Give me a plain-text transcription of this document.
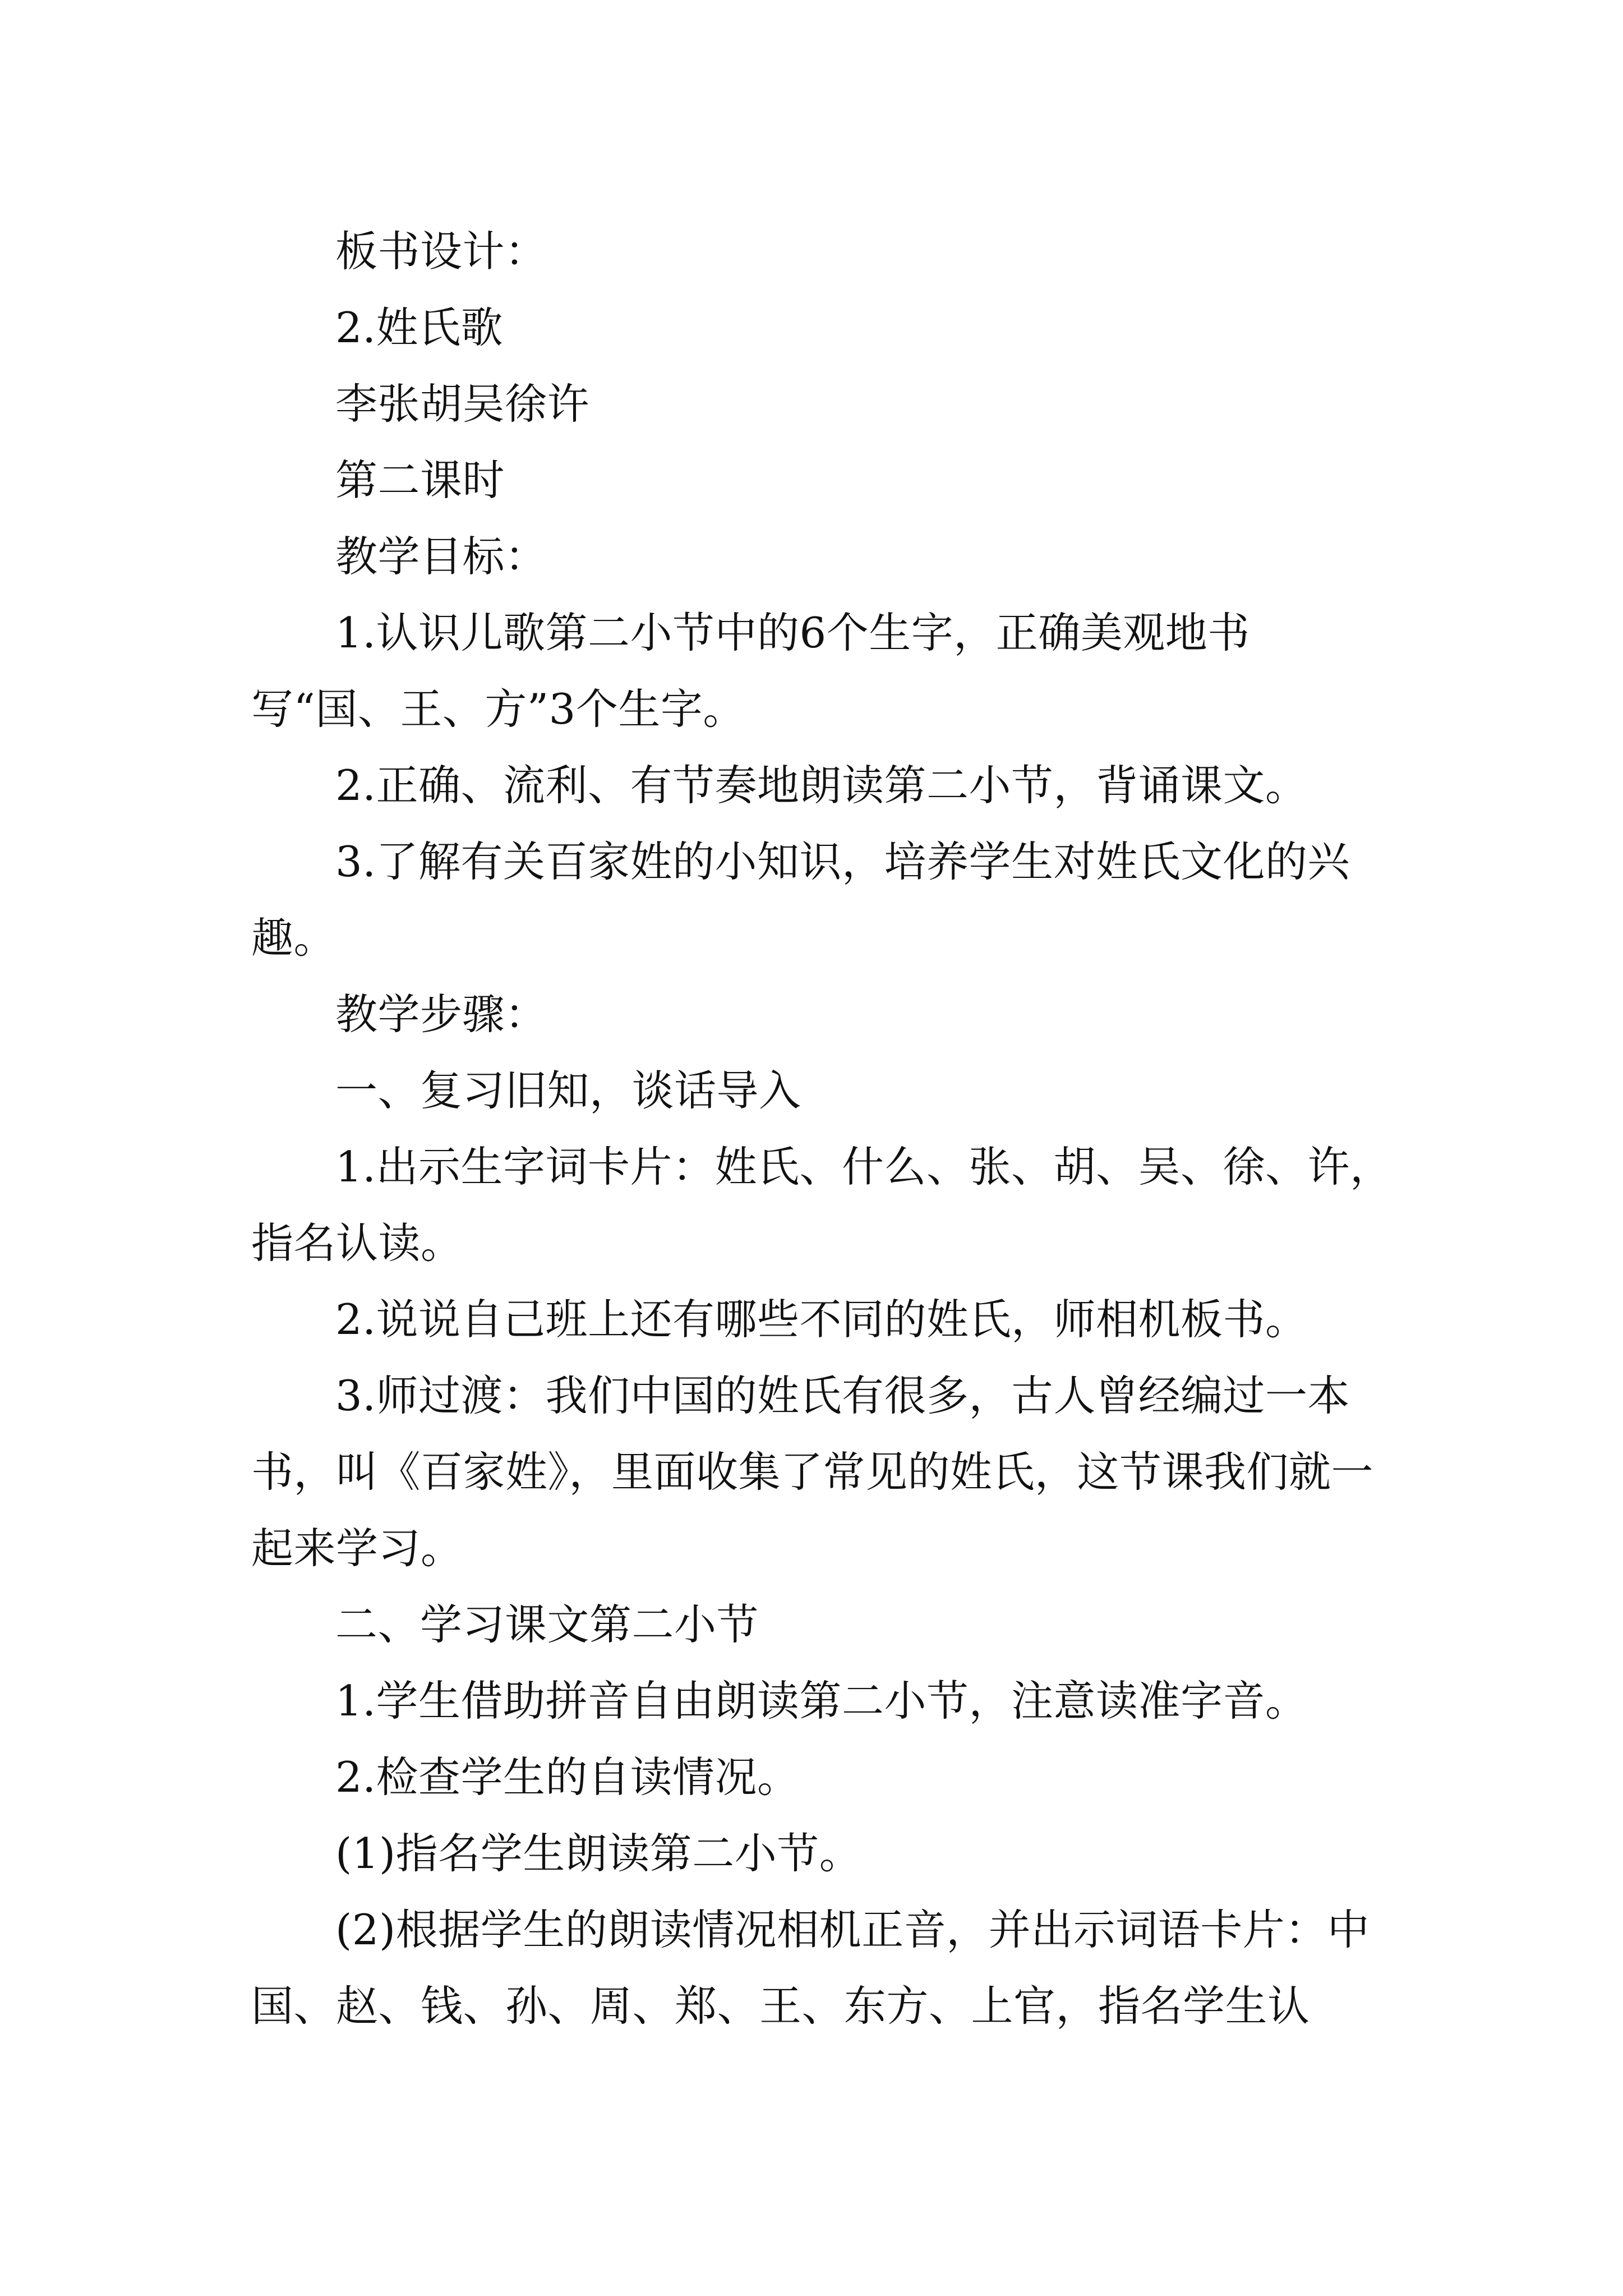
板书设计：

2.姓氏歌

李张胡吴徐许

第二课时

教学目标：

1.认识儿歌第二小节中的6个生字，正确美观地书写“国、王、方”3个生字。

2.正确、流利、有节奏地朗读第二小节，背诵课文。

3.了解有关百家姓的小知识，培养学生对姓氏文化的兴趣。

教学步骤：

一、复习旧知，谈话导入

1.出示生字词卡片：姓氏、什么、张、胡、吴、徐、许，指名认读。

2.说说自己班上还有哪些不同的姓氏，师相机板书。

3.师过渡：我们中国的姓氏有很多，古人曾经编过一本书，叫《百家姓》，里面收集了常见的姓氏，这节课我们就一起来学习。

二、学习课文第二小节

1.学生借助拼音自由朗读第二小节，注意读准字音。

2.检查学生的自读情况。

(1)指名学生朗读第二小节。

(2)根据学生的朗读情况相机正音，并出示词语卡片：中国、赵、钱、孙、周、郑、王、东方、上官，指名学生认
